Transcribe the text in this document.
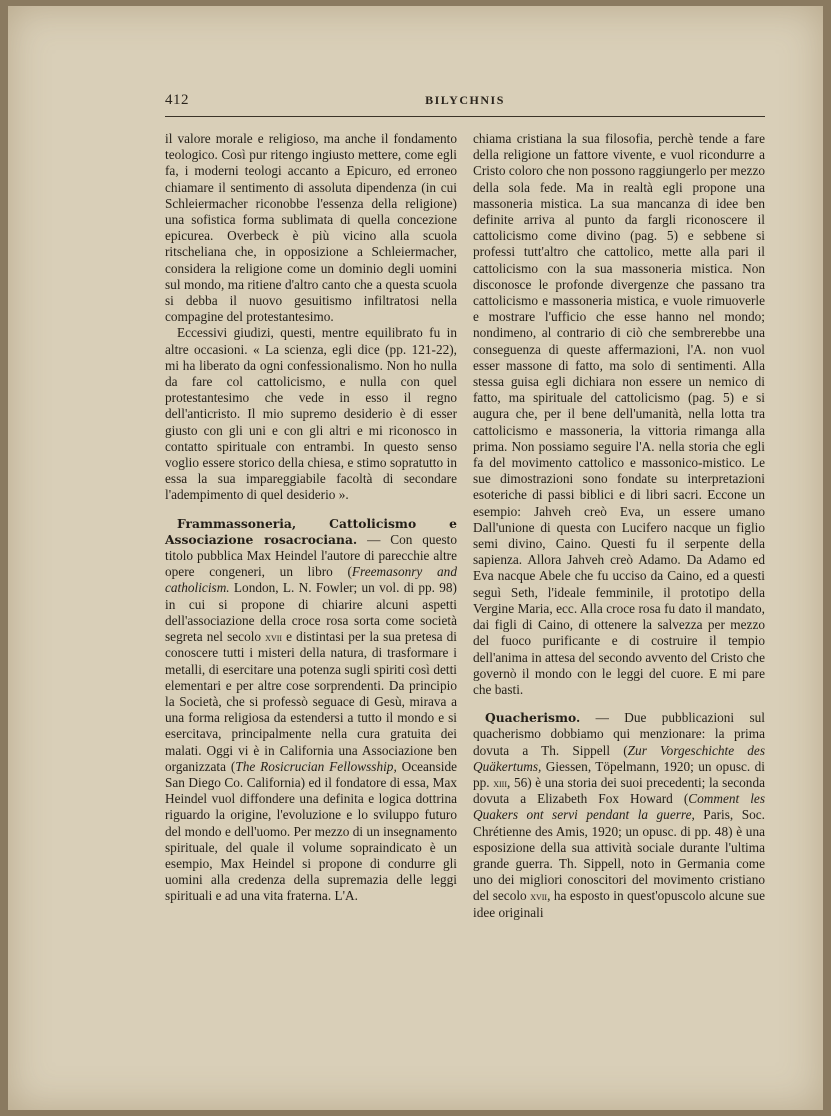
412	BILYCHNIS

il valore morale e religioso, ma anche il fondamento teologico. Così pur ritengo ingiusto mettere, come egli fa, i moderni teologi accanto a Epicuro, ed erroneo chiamare il sentimento di assoluta dipendenza (in cui Schleiermacher riconobbe l'essenza della religione) una sofistica forma sublimata di quella concezione epicurea. Overbeck è più vicino alla scuola ritscheliana che, in opposizione a Schleiermacher, considera la religione come un dominio degli uomini sul mondo, ma ritiene d'altro canto che a questa scuola si debba il nuovo gesuitismo infiltratosi nella compagine del protestantesimo.

Eccessivi giudizi, questi, mentre equilibrato fu in altre occasioni. « La scienza, egli dice (pp. 121-22), mi ha liberato da ogni confessionalismo. Non ho nulla da fare col cattolicismo, e nulla con quel protestantesimo che vede in esso il regno dell'anticristo. Il mio supremo desiderio è di esser giusto con gli uni e con gli altri e mi riconosco in contatto spirituale con entrambi. In questo senso voglio essere storico della chiesa, e stimo sopratutto in essa la sua impareggiabile facoltà di secondare l'adempimento di quel desiderio ».

Frammassoneria, Cattolicismo e Associazione rosacrociana. — Con questo titolo pubblica Max Heindel l'autore di parecchie altre opere congeneri, un libro (Freemasonry and catholicism. London, L. N. Fowler; un vol. di pp. 98) in cui si propone di chiarire alcuni aspetti dell'associazione della croce rosa sorta come società segreta nel secolo xvii e distintasi per la sua pretesa di conoscere tutti i misteri della natura, di trasformare i metalli, di esercitare una potenza sugli spiriti così detti elementari e per altre cose sorprendenti. Da principio la Società, che si professò seguace di Gesù, mirava a una forma religiosa da estendersi a tutto il mondo e si esercitava, principalmente nella cura gratuita dei malati. Oggi vi è in California una Associazione ben organizzata (The Rosicrucian Fellowsship, Oceanside San Diego Co. California) ed il fondatore di essa, Max Heindel vuol diffondere una definita e logica dottrina riguardo la origine, l'evoluzione e lo sviluppo futuro del mondo e dell'uomo. Per mezzo di un insegnamento spirituale, del quale il volume sopraindicato è un esempio, Max Heindel si propone di condurre gli uomini alla credenza della supremazia delle leggi spirituali e ad una vita fraterna. L'A.

chiama cristiana la sua filosofia, perchè tende a fare della religione un fattore vivente, e vuol ricondurre a Cristo coloro che non possono raggiungerlo per mezzo della sola fede. Ma in realtà egli propone una massoneria mistica. La sua mancanza di idee ben definite arriva al punto da fargli riconoscere il cattolicismo come divino (pag. 5) e sebbene si professi tutt'altro che cattolico, mette alla pari il cattolicismo con la sua massoneria mistica. Non disconosce le profonde divergenze che passano tra cattolicismo e massoneria mistica, e vuole rimuoverle e mostrare l'ufficio che esse hanno nel mondo; nondimeno, al contrario di ciò che sembrerebbe una conseguenza di queste affermazioni, l'A. non vuol esser massone di fatto, ma solo di sentimenti. Alla stessa guisa egli dichiara non essere un nemico di fatto, ma spirituale del cattolicismo (pag. 5) e si augura che, per il bene dell'umanità, nella lotta tra cattolicismo e massoneria, la vittoria rimanga alla prima. Non possiamo seguire l'A. nella storia che egli fa del movimento cattolico e massonico-mistico. Le sue dimostrazioni sono fondate su interpretazioni esoteriche di passi biblici e di libri sacri. Eccone un esempio: Jahveh creò Eva, un essere umano Dall'unione di questa con Lucifero nacque un figlio semi divino, Caino. Questi fu il serpente della sapienza. Allora Jahveh creò Adamo. Da Adamo ed Eva nacque Abele che fu ucciso da Caino, ed a questi seguì Seth, l'ideale femminile, il prototipo della Vergine Maria, ecc. Alla croce rosa fu dato il mandato, dai figli di Caino, di ottenere la salvezza per mezzo del fuoco purificante e di costruire il tempio dell'anima in attesa del secondo avvento del Cristo che governò il mondo con le leggi del cuore. E mi pare che basti.

Quacherismo. — Due pubblicazioni sul quacherismo dobbiamo qui menzionare: la prima dovuta a Th. Sippell (Zur Vorgeschichte des Quäkertums, Giessen, Töpelmann, 1920; un opusc. di pp. xiii, 56) è una storia dei suoi precedenti; la seconda dovuta a Elizabeth Fox Howard (Comment les Quakers ont servi pendant la guerre, Paris, Soc. Chrétienne des Amis, 1920; un opusc. di pp. 48) è una esposizione della sua attività sociale durante l'ultima grande guerra. Th. Sippell, noto in Germania come uno dei migliori conoscitori del movimento cristiano del secolo xvii, ha esposto in quest'opuscolo alcune sue idee originali
